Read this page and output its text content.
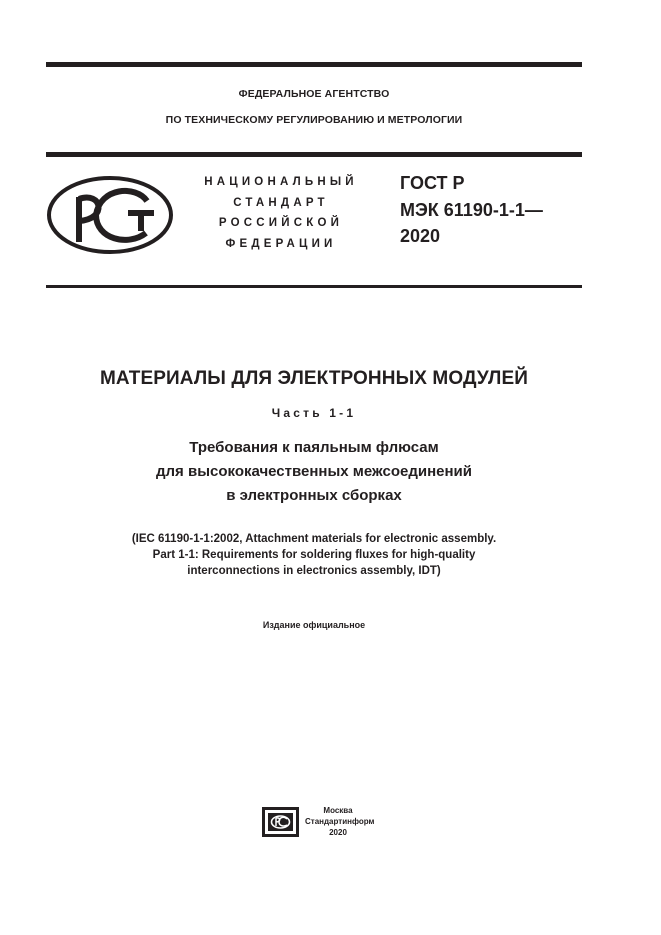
ФЕДЕРАЛЬНОЕ АГЕНТСТВО
ПО ТЕХНИЧЕСКОМУ РЕГУЛИРОВАНИЮ И МЕТРОЛОГИИ
НАЦИОНАЛЬНЫЙ
СТАНДАРТ
РОССИЙСКОЙ
ФЕДЕРАЦИИ
ГОСТ Р
МЭК 61190-1-1—
2020
МАТЕРИАЛЫ ДЛЯ ЭЛЕКТРОННЫХ МОДУЛЕЙ
Часть 1-1
Требования к паяльным флюсам
для высококачественных межсоединений
в электронных сборках
(IEC 61190-1-1:2002, Attachment materials for electronic assembly.
Part 1-1: Requirements for soldering fluxes for high-quality
interconnections in electronics assembly, IDT)
Издание официальное
Москва
Стандартинформ
2020
